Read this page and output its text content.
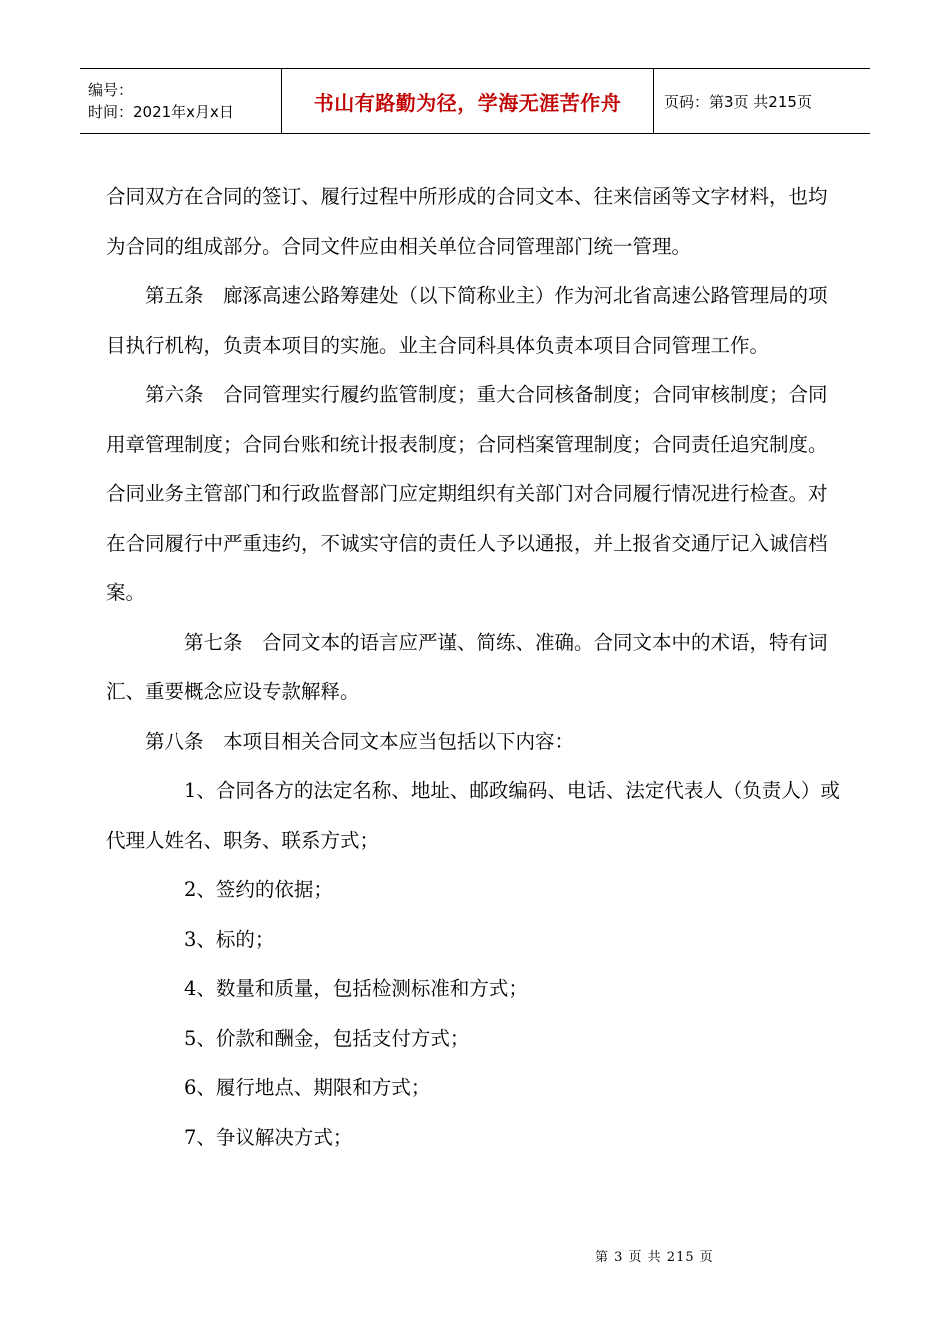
编号：
时间：2021年x月x日	书山有路勤为径，学海无涯苦作舟	页码：第3页 共215页

合同双方在合同的签订、履行过程中所形成的合同文本、往来信函等文字材料，也均为合同的组成部分。合同文件应由相关单位合同管理部门统一管理。

第五条　廊涿高速公路筹建处（以下简称业主）作为河北省高速公路管理局的项目执行机构，负责本项目的实施。业主合同科具体负责本项目合同管理工作。

第六条　合同管理实行履约监管制度；重大合同核备制度；合同审核制度；合同用章管理制度；合同台账和统计报表制度；合同档案管理制度；合同责任追究制度。合同业务主管部门和行政监督部门应定期组织有关部门对合同履行情况进行检查。对在合同履行中严重违约，不诚实守信的责任人予以通报，并上报省交通厅记入诚信档案。

第七条　合同文本的语言应严谨、简练、准确。合同文本中的术语，特有词汇、重要概念应设专款解释。

第八条　本项目相关合同文本应当包括以下内容：

1、合同各方的法定名称、地址、邮政编码、电话、法定代表人（负责人）或代理人姓名、职务、联系方式；

2、签约的依据；

3、标的；

4、数量和质量，包括检测标准和方式；

5、价款和酬金，包括支付方式；

6、履行地点、期限和方式；

7、争议解决方式；

第 3 页 共 215 页
